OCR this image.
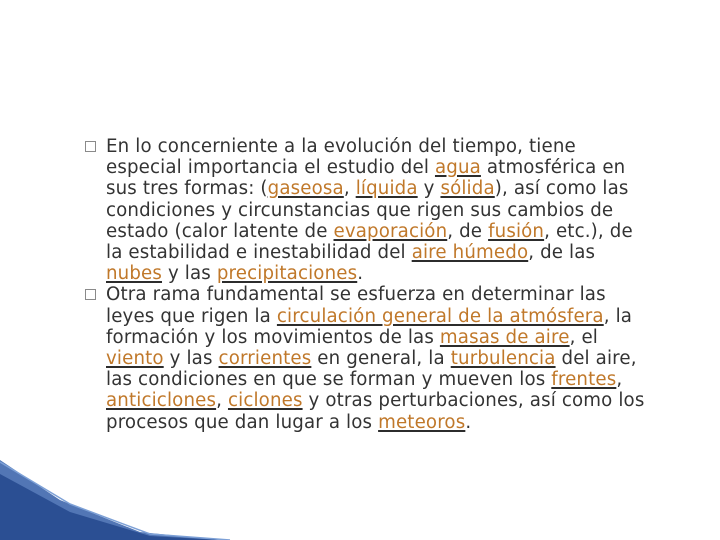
En lo concerniente a la evolución del tiempo, tiene especial importancia el estudio del agua atmosférica en sus tres formas: (gaseosa, líquida y sólida), así como las condiciones y circunstancias que rigen sus cambios de estado (calor latente de evaporación, de fusión, etc.), de la estabilidad e inestabilidad del aire húmedo, de las nubes y las precipitaciones.

Otra rama fundamental se esfuerza en determinar las leyes que rigen la circulación general de la atmósfera, la formación y los movimientos de las masas de aire, el viento y las corrientes en general, la turbulencia del aire, las condiciones en que se forman y mueven los frentes, anticiclones, ciclones y otras perturbaciones, así como los procesos que dan lugar a los meteoros.
